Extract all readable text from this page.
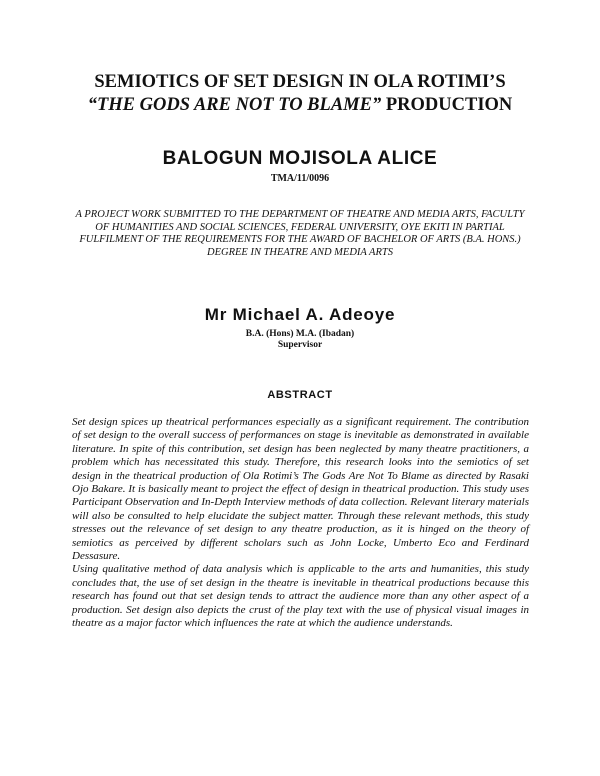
SEMIOTICS OF SET DESIGN IN OLA ROTIMI’S
“THE GODS ARE NOT TO BLAME” PRODUCTION
BALOGUN MOJISOLA ALICE
TMA/11/0096
A PROJECT WORK SUBMITTED TO THE DEPARTMENT OF THEATRE AND MEDIA ARTS, FACULTY OF HUMANITIES AND SOCIAL SCIENCES, FEDERAL UNIVERSITY, OYE EKITI IN PARTIAL FULFILMENT OF THE REQUIREMENTS FOR THE AWARD OF BACHELOR OF ARTS (B.A. HONS.) DEGREE IN THEATRE AND MEDIA ARTS
Mr Michael A. Adeoye
B.A. (Hons) M.A. (Ibadan)
Supervisor
ABSTRACT

Set design spices up theatrical performances especially as a significant requirement. The contribution of set design to the overall success of performances on stage is inevitable as demonstrated in available literature. In spite of this contribution, set design has been neglected by many theatre practitioners, a problem which has necessitated this study. Therefore, this research looks into the semiotics of set design in the theatrical production of Ola Rotimi’s The Gods Are Not To Blame as directed by Rasaki Ojo Bakare. It is basically meant to project the effect of design in theatrical production. This study uses Participant Observation and In-Depth Interview methods of data collection. Relevant literary materials will also be consulted to help elucidate the subject matter. Through these relevant methods, this study stresses out the relevance of set design to any theatre production, as it is hinged on the theory of semiotics as perceived by different scholars such as John Locke, Umberto Eco and Ferdinard Dessasure.

Using qualitative method of data analysis which is applicable to the arts and humanities, this study concludes that, the use of set design in the theatre is inevitable in theatrical productions because this research has found out that set design tends to attract the audience more than any other aspect of a production. Set design also depicts the crust of the play text with the use of physical visual images in theatre as a major factor which influences the rate at which the audience understands.
